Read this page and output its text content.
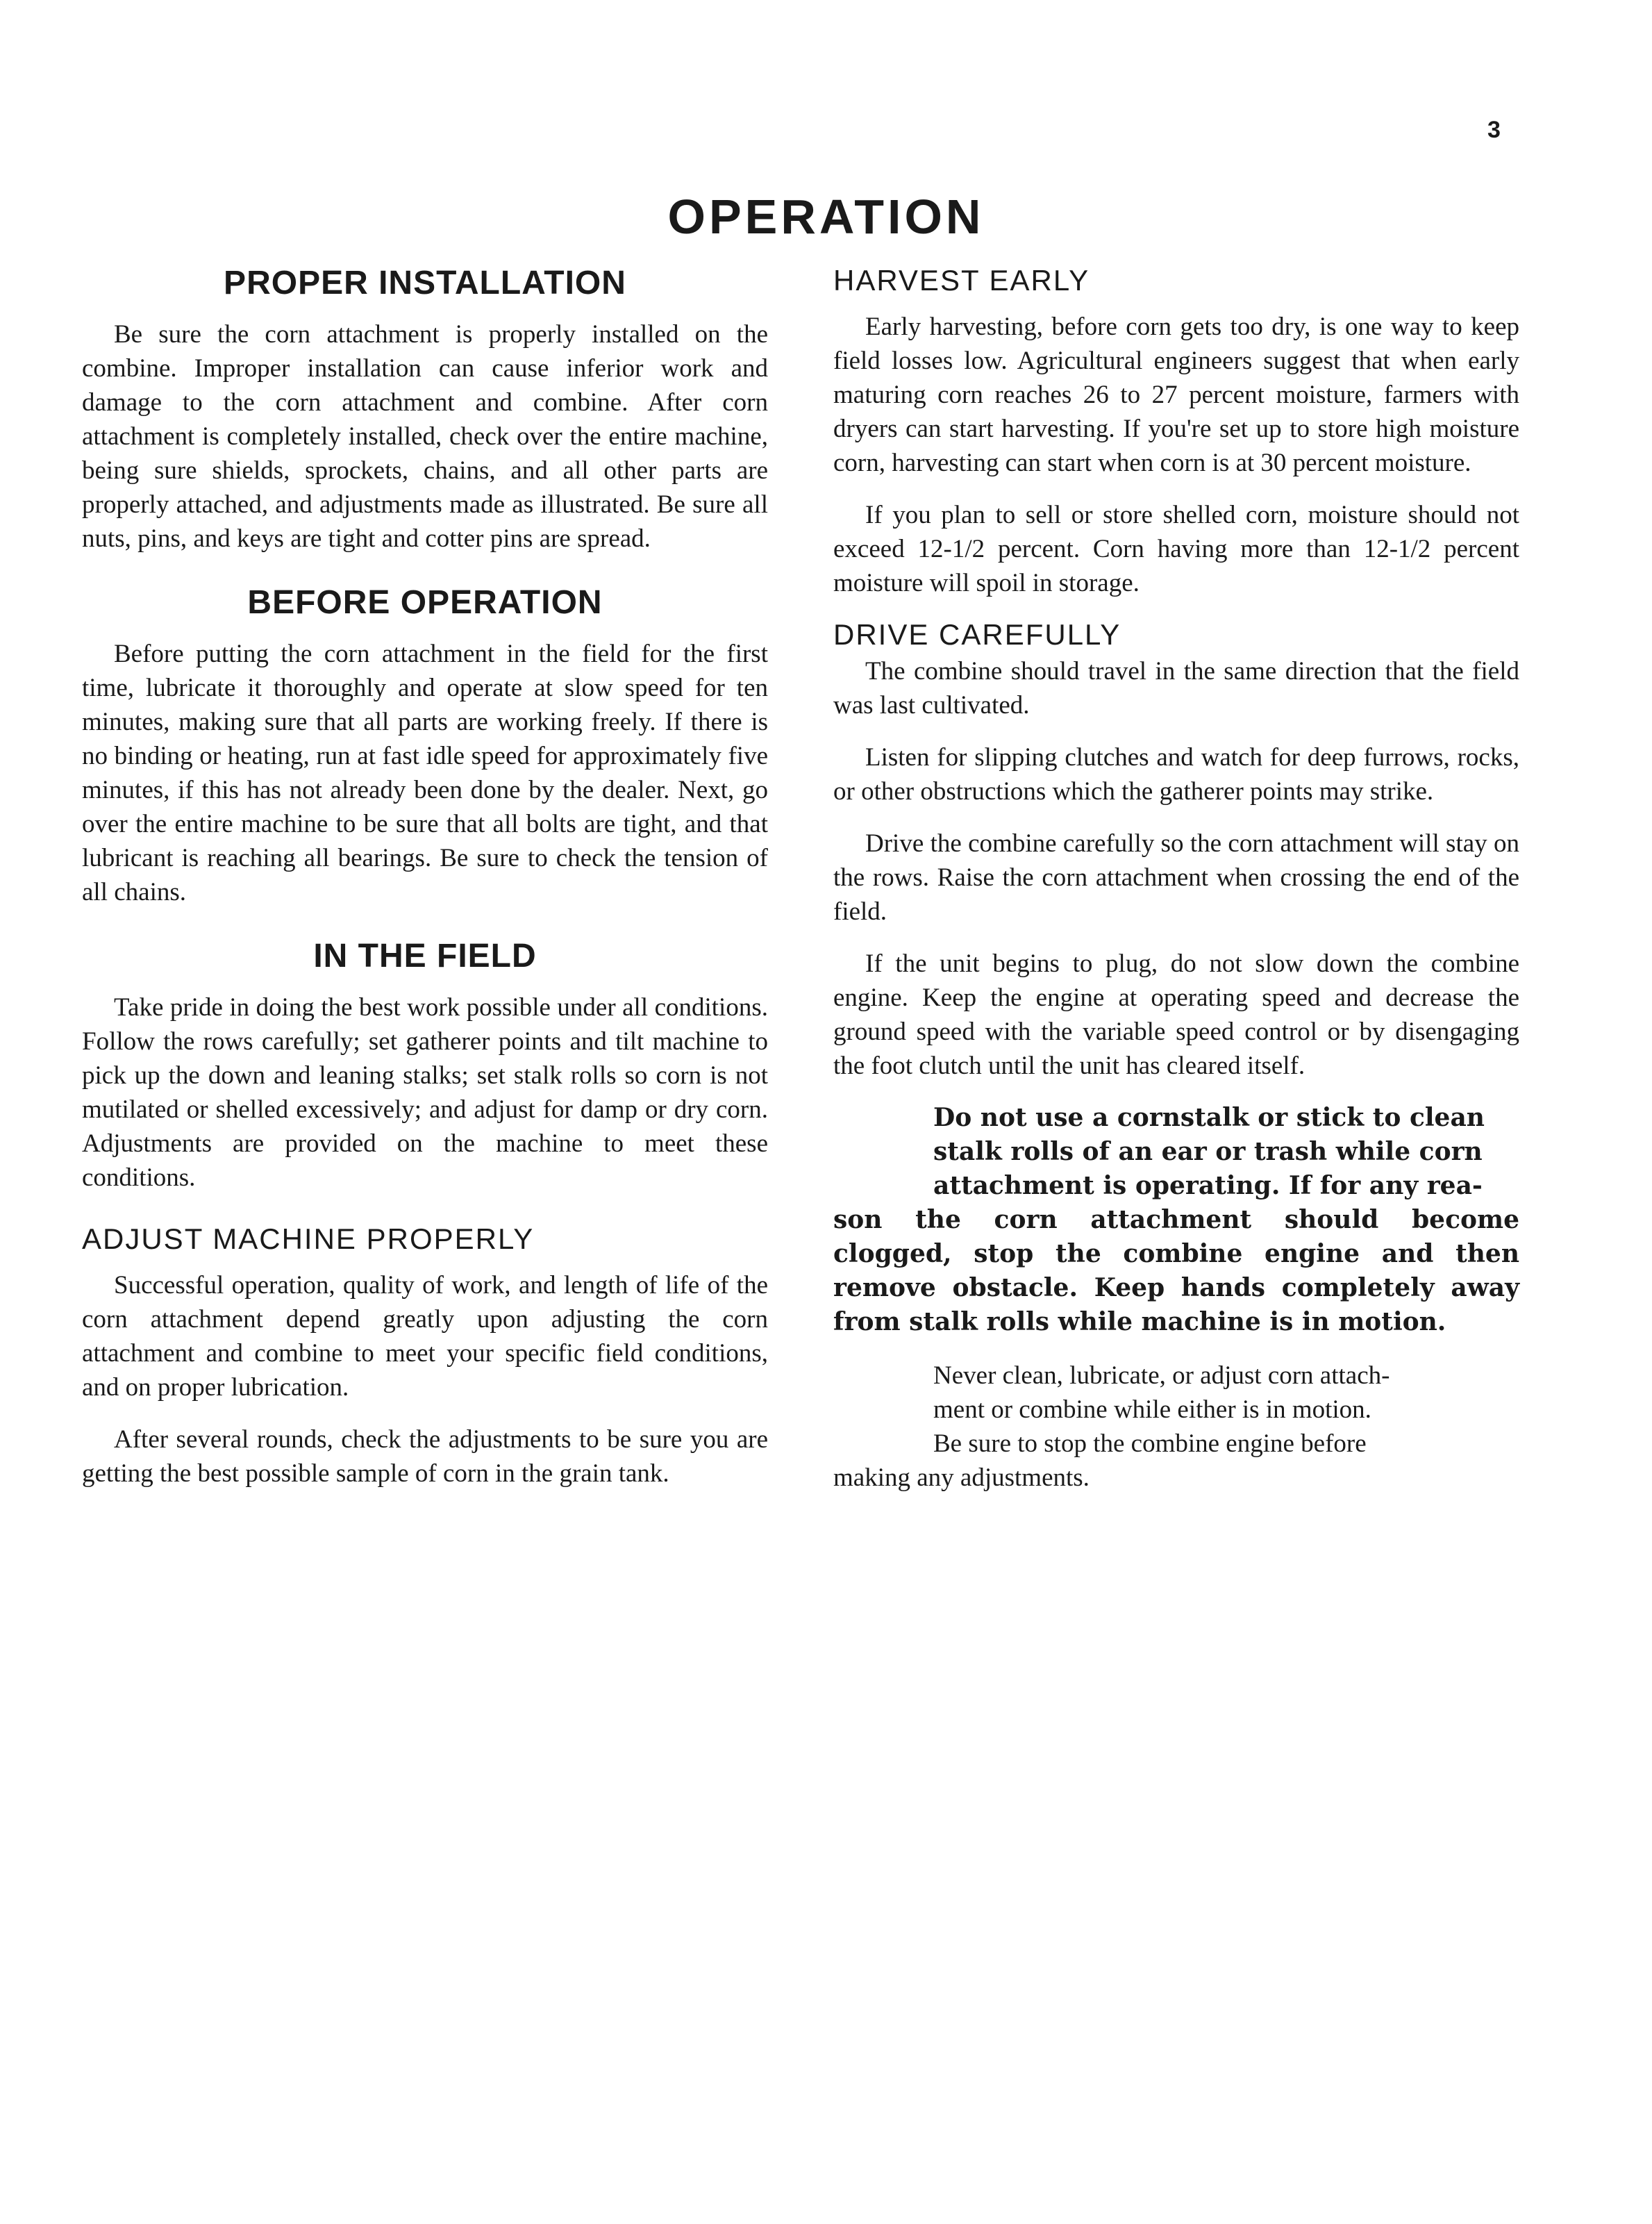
3
OPERATION
PROPER INSTALLATION

Be sure the corn attachment is properly installed on the combine. Improper installation can cause inferior work and damage to the corn attachment and combine. After corn attachment is completely installed, check over the entire machine, being sure shields, sprockets, chains, and all other parts are properly attached, and adjustments made as illustrated. Be sure all nuts, pins, and keys are tight and cotter pins are spread.

BEFORE OPERATION

Before putting the corn attachment in the field for the first time, lubricate it thoroughly and operate at slow speed for ten minutes, making sure that all parts are working freely. If there is no binding or heating, run at fast idle speed for approximately five minutes, if this has not already been done by the dealer. Next, go over the entire machine to be sure that all bolts are tight, and that lubricant is reaching all bearings. Be sure to check the tension of all chains.

IN THE FIELD

Take pride in doing the best work possible under all conditions. Follow the rows carefully; set gatherer points and tilt machine to pick up the down and leaning stalks; set stalk rolls so corn is not mutilated or shelled excessively; and adjust for damp or dry corn. Adjustments are provided on the machine to meet these conditions.

ADJUST MACHINE PROPERLY

Successful operation, quality of work, and length of life of the corn attachment depend greatly upon adjusting the corn attachment and combine to meet your specific field conditions, and on proper lubrication.

After several rounds, check the adjustments to be sure you are getting the best possible sample of corn in the grain tank.

HARVEST EARLY

Early harvesting, before corn gets too dry, is one way to keep field losses low. Agricultural engineers suggest that when early maturing corn reaches 26 to 27 percent moisture, farmers with dryers can start harvesting. If you're set up to store high moisture corn, harvesting can start when corn is at 30 percent moisture.

If you plan to sell or store shelled corn, moisture should not exceed 12-1/2 percent. Corn having more than 12-1/2 percent moisture will spoil in storage.

DRIVE CAREFULLY

The combine should travel in the same direction that the field was last cultivated.

Listen for slipping clutches and watch for deep furrows, rocks, or other obstructions which the gatherer points may strike.

Drive the combine carefully so the corn attachment will stay on the rows. Raise the corn attachment when crossing the end of the field.

If the unit begins to plug, do not slow down the combine engine. Keep the engine at operating speed and decrease the ground speed with the variable speed control or by disengaging the foot clutch until the unit has cleared itself.

Do not use a cornstalk or stick to clean
stalk rolls of an ear or trash while corn
attachment is operating. If for any rea-
son the corn attachment should become clogged, stop the combine engine and then remove obstacle. Keep hands completely away from stalk rolls while machine is in motion.
Never clean, lubricate, or adjust corn attach-
ment or combine while either is in motion.
Be sure to stop the combine engine before
making any adjustments.
